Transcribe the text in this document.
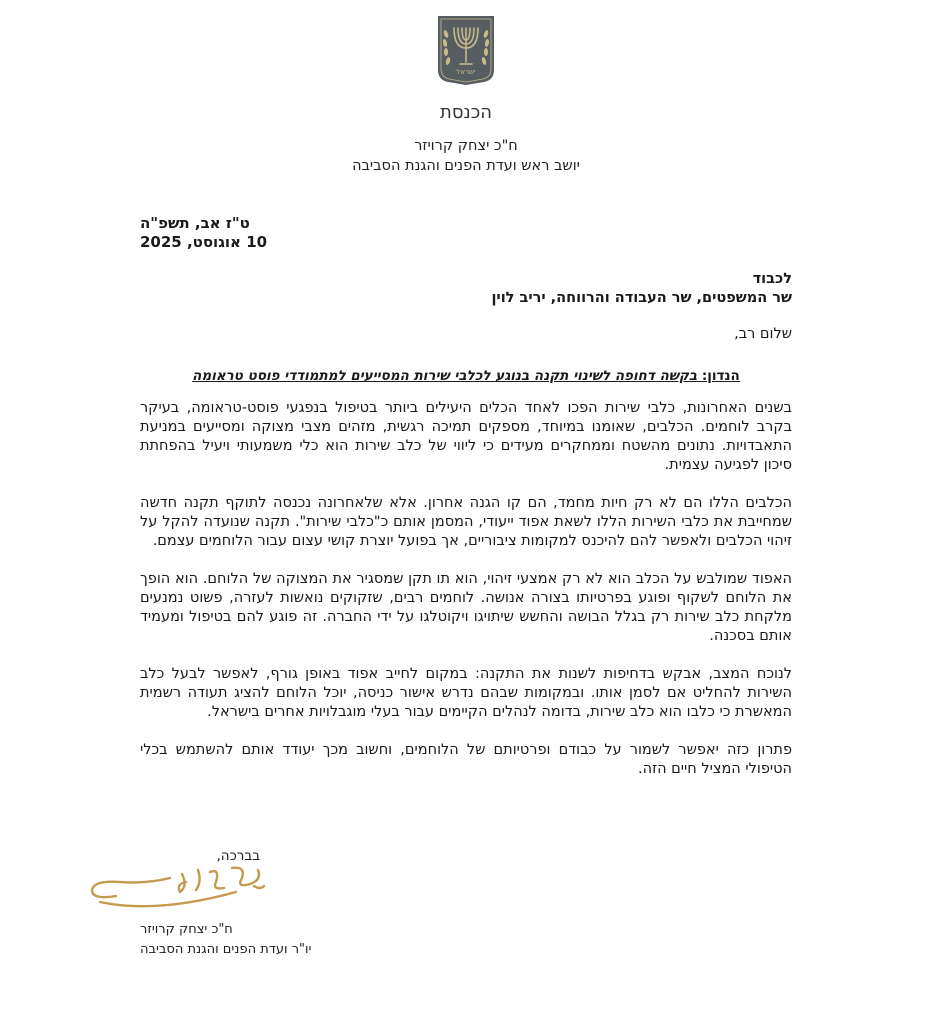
ישראל
הכנסת
ח"כ יצחק קרויזר
יושב ראש ועדת הפנים והגנת הסביבה
ט"ז אב, תשפ"ה
10 אוגוסט, 2025
לכבוד
שר המשפטים, שר העבודה והרווחה, יריב לוין
שלום רב,
הנדון: בקשה דחופה לשינוי תקנה בנוגע לכלבי שירות המסייעים למתמודדי פוסט טראומה

בשנים האחרונות, כלבי שירות הפכו לאחד הכלים היעילים ביותר בטיפול בנפגעי פוסט-טראומה, בעיקר בקרב לוחמים. הכלבים, שאומנו במיוחד, מספקים תמיכה רגשית, מזהים מצבי מצוקה ומסייעים במניעת התאבדויות. נתונים מהשטח וממחקרים מעידים כי ליווי של כלב שירות הוא כלי משמעותי ויעיל בהפחתת סיכון לפגיעה עצמית.

הכלבים הללו הם לא רק חיות מחמד, הם קו הגנה אחרון. אלא שלאחרונה נכנסה לתוקף תקנה חדשה שמחייבת את כלבי השירות הללו לשאת אפוד ייעודי, המסמן אותם כ"כלבי שירות". תקנה שנועדה להקל על זיהוי הכלבים ולאפשר להם להיכנס למקומות ציבוריים, אך בפועל יוצרת קושי עצום עבור הלוחמים עצמם.

האפוד שמולבש על הכלב הוא לא רק אמצעי זיהוי, הוא תו תקן שמסגיר את המצוקה של הלוחם. הוא הופך את הלוחם לשקוף ופוגע בפרטיותו בצורה אנושה. לוחמים רבים, שזקוקים נואשות לעזרה, פשוט נמנעים מלקחת כלב שירות רק בגלל הבושה והחשש שיתויגו ויקוטלגו על ידי החברה. זה פוגע להם בטיפול ומעמיד אותם בסכנה.

לנוכח המצב, אבקש בדחיפות לשנות את התקנה: במקום לחייב אפוד באופן גורף, לאפשר לבעל כלב השירות להחליט אם לסמן אותו. ובמקומות שבהם נדרש אישור כניסה, יוכל הלוחם להציג תעודה רשמית המאשרת כי כלבו הוא כלב שירות, בדומה לנהלים הקיימים עבור בעלי מוגבלויות אחרים בישראל.

פתרון כזה יאפשר לשמור על כבודם ופרטיותם של הלוחמים, וחשוב מכך יעודד אותם להשתמש בכלי הטיפולי המציל חיים הזה.

בברכה,
ח"כ יצחק קרויזר
יו"ר ועדת הפנים והגנת הסביבה
